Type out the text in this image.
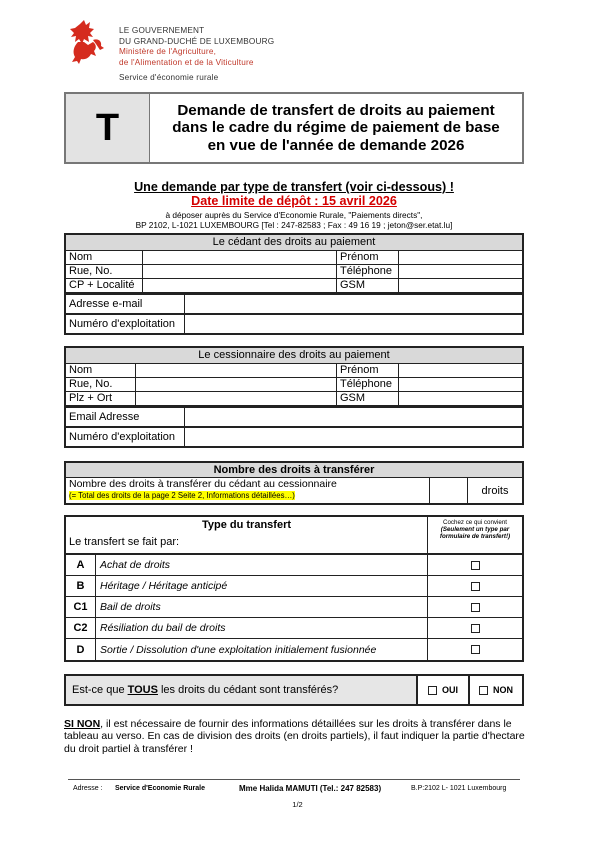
LE GOUVERNEMENT
DU GRAND-DUCHÉ DE LUXEMBOURG
Ministère de l'Agriculture,
de l'Alimentation et de la Viticulture
Service d'économie rurale
T	Demande de transfert de droits au paiement
dans le cadre du régime de paiement de base
en vue de l'année de demande 2026
Une demande par type de transfert (voir ci-dessous) !
Date limite de dépôt : 15 avril 2026
à déposer auprès du Service d'Economie Rurale, "Paiements directs",
BP 2102, L-1021 LUXEMBOURG [Tel : 247-82583 ; Fax : 49 16 19 ; jeton@ser.etat.lu]
Le cédant des droits au paiement
Nom	Prénom
Rue, No.	Téléphone
CP + Localité	GSM
Adresse e-mail
Numéro d'exploitation
Le cessionnaire des droits au paiement
Nom	Prénom
Rue, No.	Téléphone
Plz + Ort	GSM
Email Adresse
Numéro d'exploitation
Nombre des droits à transférer
Nombre des droits à transférer du cédant au cessionnaire
(= Total des droits de la page 2 Seite 2, Informations détaillées…)	droits
Type du transfert
Le transfert se fait par:
Cochez ce qui convient
(Seulement un type par formulaire de transfert!)
A	Achat de droits
B	Héritage / Héritage anticipé
C1	Bail de droits
C2	Résiliation du bail de droits
D	Sortie / Dissolution d'une exploitation initialement fusionnée
Est-ce que TOUS les droits du cédant sont transférés?	OUI	NON
SI NON, il est nécessaire de fournir des informations détaillées sur les droits à transférer dans le tableau au verso. En cas de division des droits (en droits partiels), il faut indiquer la partie d'hectare du droit partiel à transférer !
Adresse : Service d'Economie Rurale	Mme Halida MAMUTI (Tel.: 247 82583)	B.P:2102 L- 1021 Luxembourg
1/2
